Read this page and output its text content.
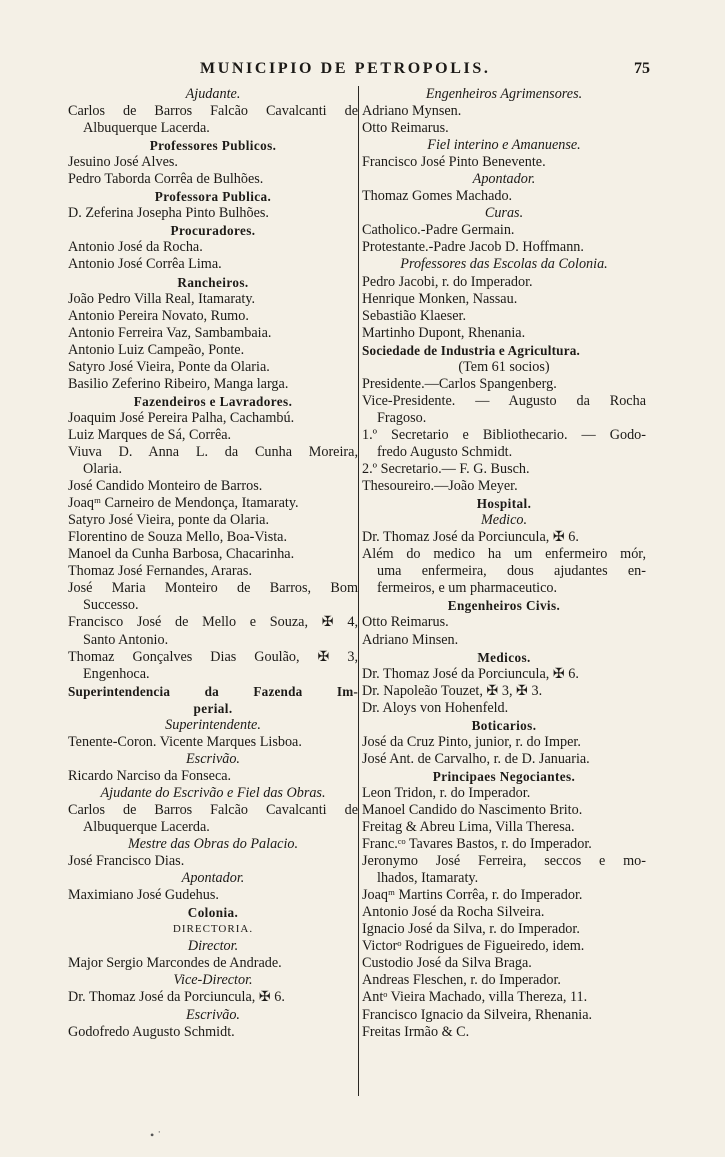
MUNICIPIO DE PETROPOLIS.	75
Ajudante.
Carlos de Barros Falcão Cavalcanti de
Albuquerque Lacerda.
Professores Publicos.
Jesuino José Alves.
Pedro Taborda Corrêa de Bulhões.
Professora Publica.
D. Zeferina Josepha Pinto Bulhões.
Procuradores.
Antonio José da Rocha.
Antonio José Corrêa Lima.
Rancheiros.
João Pedro Villa Real, Itamaraty.
Antonio Pereira Novato, Rumo.
Antonio Ferreira Vaz, Sambambaia.
Antonio Luiz Campeão, Ponte.
Satyro José Vieira, Ponte da Olaria.
Basilio Zeferino Ribeiro, Manga larga.
Fazendeiros e Lavradores.
Joaquim José Pereira Palha, Cachambú.
Luiz Marques de Sá, Corrêa.
Viuva D. Anna L. da Cunha Moreira,
Olaria.
José Candido Monteiro de Barros.
Joaqᵐ Carneiro de Mendonça, Itamaraty.
Satyro José Vieira, ponte da Olaria.
Florentino de Souza Mello, Boa-Vista.
Manoel da Cunha Barbosa, Chacarinha.
Thomaz José Fernandes, Araras.
José Maria Monteiro de Barros, Bom
Successo.
Francisco José de Mello e Souza, ✠ 4,
Santo Antonio.
Thomaz Gonçalves Dias Goulão, ✠ 3,
Engenhoca.
Superintendencia da Fazenda Im-
perial.
Superintendente.
Tenente-Coron. Vicente Marques Lisboa.
Escrivão.
Ricardo Narciso da Fonseca.
Ajudante do Escrivão e Fiel das Obras.
Carlos de Barros Falcão Cavalcanti de
Albuquerque Lacerda.
Mestre das Obras do Palacio.
José Francisco Dias.
Apontador.
Maximiano José Gudehus.
Colonia.
DIRECTORIA.
Director.
Major Sergio Marcondes de Andrade.
Vice-Director.
Dr. Thomaz José da Porciuncula, ✠ 6.
Escrivão.
Godofredo Augusto Schmidt.
Engenheiros Agrimensores.
Adriano Mynsen.
Otto Reimarus.
Fiel interino e Amanuense.
Francisco José Pinto Benevente.
Apontador.
Thomaz Gomes Machado.
Curas.
Catholico.-Padre Germain.
Protestante.-Padre Jacob D. Hoffmann.
Professores das Escolas da Colonia.
Pedro Jacobi, r. do Imperador.
Henrique Monken, Nassau.
Sebastião Klaeser.
Martinho Dupont, Rhenania.
Sociedade de Industria e Agricultura.
(Tem 61 socios)
Presidente.—Carlos Spangenberg.
Vice-Presidente. — Augusto da Rocha
Fragoso.
1.º Secretario e Bibliothecario. — Godo-
fredo Augusto Schmidt.
2.º Secretario.— F. G. Busch.
Thesoureiro.—João Meyer.
Hospital.
Medico.
Dr. Thomaz José da Porciuncula, ✠ 6.
Além do medico ha um enfermeiro mór,
uma enfermeira, dous ajudantes en-
fermeiros, e um pharmaceutico.
Engenheiros Civis.
Otto Reimarus.
Adriano Minsen.
Medicos.
Dr. Thomaz José da Porciuncula, ✠ 6.
Dr. Napoleão Touzet, ✠ 3, ✠ 3.
Dr. Aloys von Hohenfeld.
Boticarios.
José da Cruz Pinto, junior, r. do Imper.
José Ant. de Carvalho, r. de D. Januaria.
Principaes Negociantes.
Leon Tridon, r. do Imperador.
Manoel Candido do Nascimento Brito.
Freitag & Abreu Lima, Villa Theresa.
Franc.ᶜᵒ Tavares Bastos, r. do Imperador.
Jeronymo José Ferreira, seccos e mo-
lhados, Itamaraty.
Joaqᵐ Martins Corrêa, r. do Imperador.
Antonio José da Rocha Silveira.
Ignacio José da Silva, r. do Imperador.
Victorᵒ Rodrigues de Figueiredo, idem.
Custodio José da Silva Braga.
Andreas Fleschen, r. do Imperador.
Antᵒ Vieira Machado, villa Thereza, 11.
Francisco Ignacio da Silveira, Rhenania.
Freitas Irmão & C.
• ˙
